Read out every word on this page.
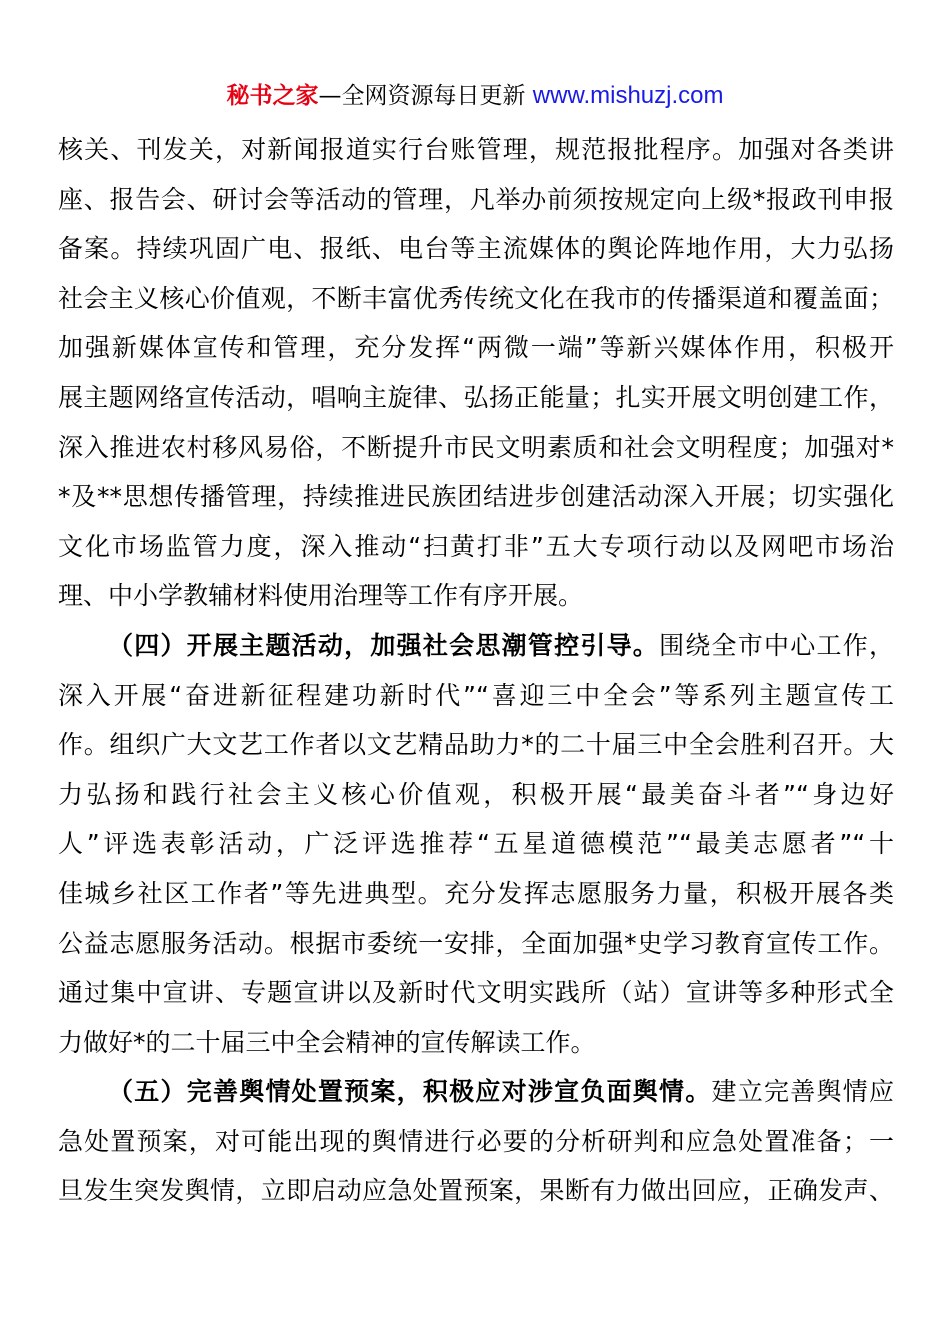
秘书之家—全网资源每日更新 www.mishuzj.com
核关、刊发关，对新闻报道实行台账管理，规范报批程序。加强对各类讲
座、报告会、研讨会等活动的管理，凡举办前须按规定向上级*报政刊申报
备案。持续巩固广电、报纸、电台等主流媒体的舆论阵地作用，大力弘扬
社会主义核心价值观，不断丰富优秀传统文化在我市的传播渠道和覆盖面；
加强新媒体宣传和管理，充分发挥“两微一端”等新兴媒体作用，积极开
展主题网络宣传活动，唱响主旋律、弘扬正能量；扎实开展文明创建工作，
深入推进农村移风易俗，不断提升市民文明素质和社会文明程度；加强对*
*及**思想传播管理，持续推进民族团结进步创建活动深入开展；切实强化
文化市场监管力度，深入推动“扫黄打非”五大专项行动以及网吧市场治
理、中小学教辅材料使用治理等工作有序开展。
（四）开展主题活动，加强社会思潮管控引导。围绕全市中心工作，
深入开展“奋进新征程建功新时代”“喜迎三中全会”等系列主题宣传工
作。组织广大文艺工作者以文艺精品助力*的二十届三中全会胜利召开。大
力弘扬和践行社会主义核心价值观，积极开展“最美奋斗者”“身边好
人”评选表彰活动，广泛评选推荐“五星道德模范”“最美志愿者”“十
佳城乡社区工作者”等先进典型。充分发挥志愿服务力量，积极开展各类
公益志愿服务活动。根据市委统一安排，全面加强*史学习教育宣传工作。
通过集中宣讲、专题宣讲以及新时代文明实践所（站）宣讲等多种形式全
力做好*的二十届三中全会精神的宣传解读工作。
（五）完善舆情处置预案，积极应对涉宣负面舆情。建立完善舆情应
急处置预案，对可能出现的舆情进行必要的分析研判和应急处置准备；一
旦发生突发舆情，立即启动应急处置预案，果断有力做出回应，正确发声、
